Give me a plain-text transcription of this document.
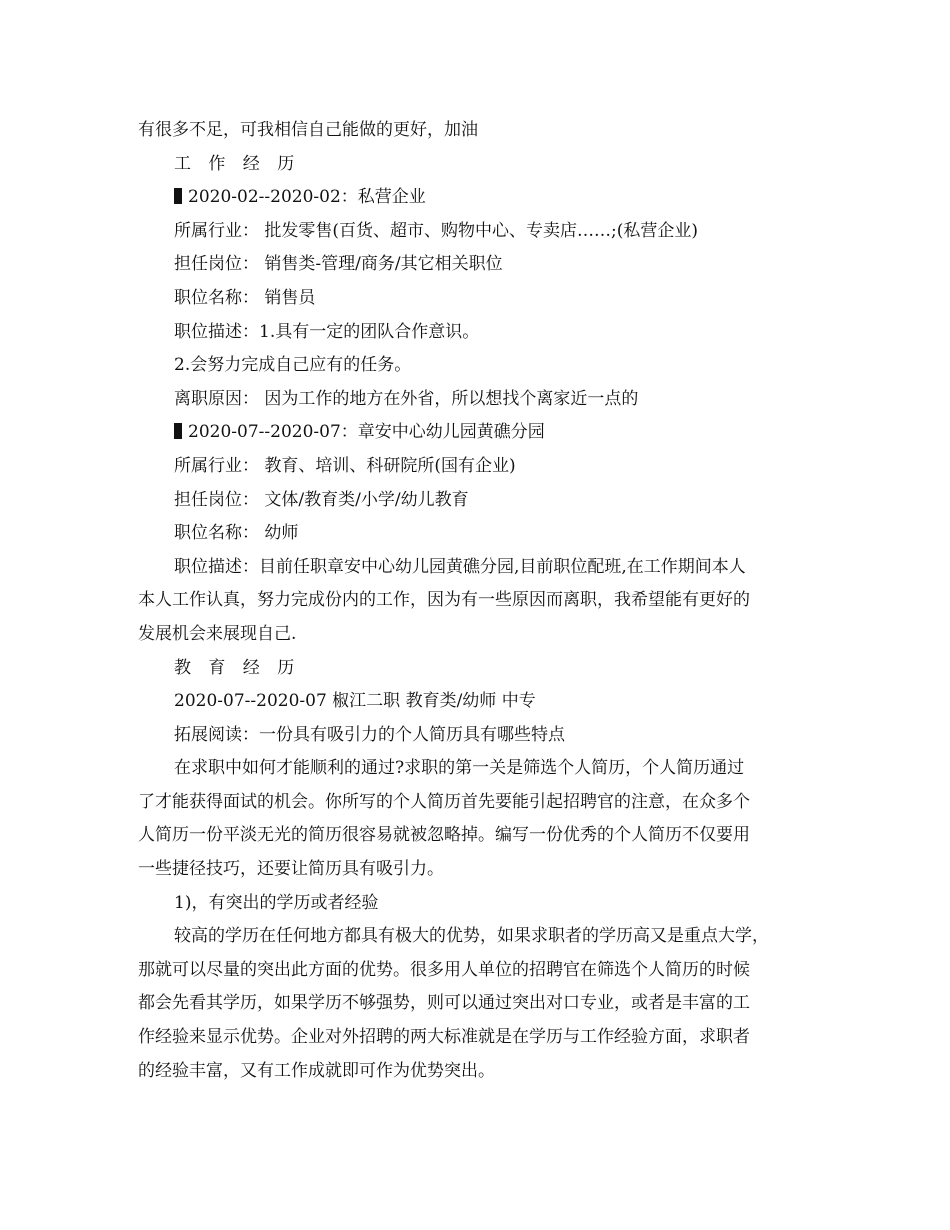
有很多不足，可我相信自己能做的更好，加油

工 作 经 历

2020-02--2020-02：私营企业

所属行业： 批发零售(百货、超市、购物中心、专卖店……;(私营企业)

担任岗位： 销售类-管理/商务/其它相关职位

职位名称： 销售员

职位描述：1.具有一定的团队合作意识。

2.会努力完成自己应有的任务。

离职原因： 因为工作的地方在外省，所以想找个离家近一点的

2020-07--2020-07：章安中心幼儿园黄礁分园

所属行业： 教育、培训、科研院所(国有企业)

担任岗位： 文体/教育类/小学/幼儿教育

职位名称： 幼师

职位描述：目前任职章安中心幼儿园黄礁分园,目前职位配班,在工作期间本人

本人工作认真，努力完成份内的工作，因为有一些原因而离职，我希望能有更好的

发展机会来展现自己.

教 育 经 历

2020-07--2020-07 椒江二职 教育类/幼师 中专

拓展阅读：一份具有吸引力的个人简历具有哪些特点

在求职中如何才能顺利的通过?求职的第一关是筛选个人简历，个人简历通过

了才能获得面试的机会。你所写的个人简历首先要能引起招聘官的注意，在众多个

人简历一份平淡无光的简历很容易就被忽略掉。编写一份优秀的个人简历不仅要用

一些捷径技巧，还要让简历具有吸引力。

1)，有突出的学历或者经验

较高的学历在任何地方都具有极大的优势，如果求职者的学历高又是重点大学，

那就可以尽量的突出此方面的优势。很多用人单位的招聘官在筛选个人简历的时候

都会先看其学历，如果学历不够强势，则可以通过突出对口专业，或者是丰富的工

作经验来显示优势。企业对外招聘的两大标准就是在学历与工作经验方面，求职者

的经验丰富，又有工作成就即可作为优势突出。
